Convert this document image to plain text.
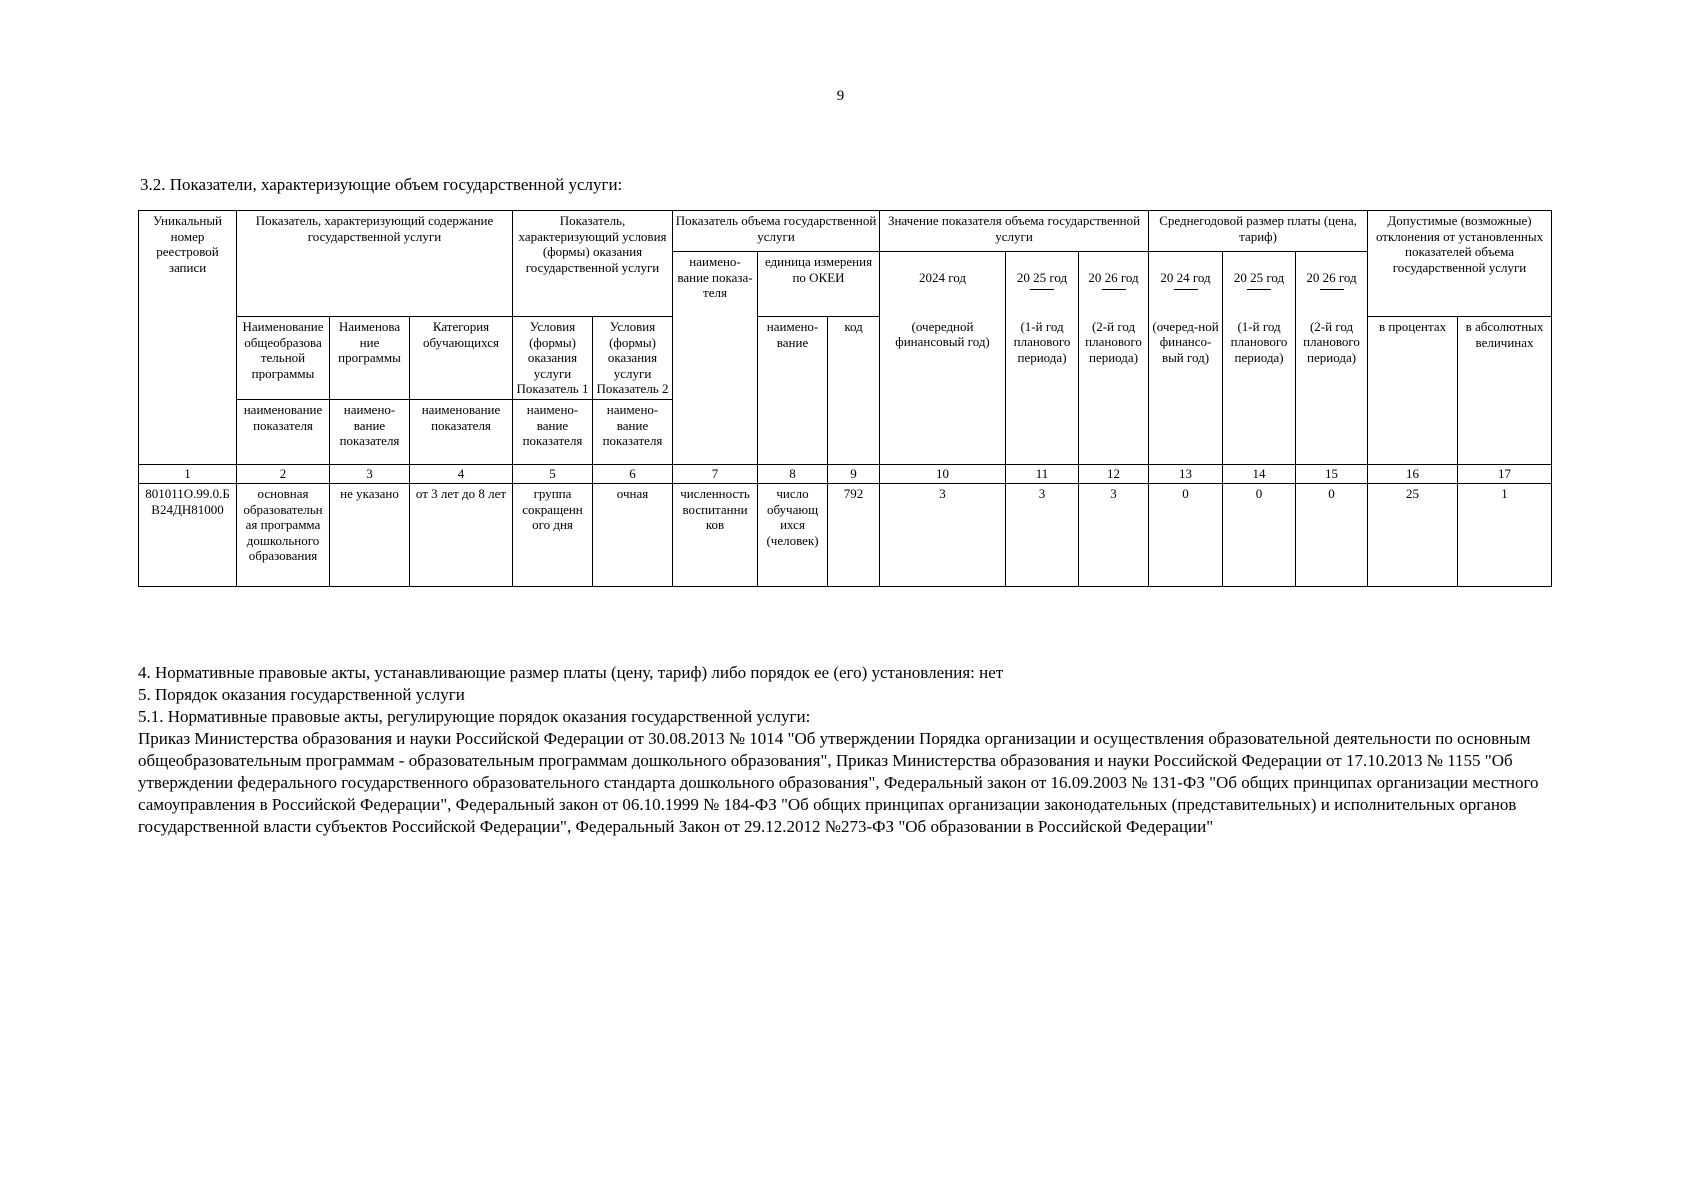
9
3.2. Показатели, характеризующие объем государственной услуги:
Уникальный номер реестровой записи	Показатель, характеризующий содержание государственной услуги			Показатель, характеризующий условия (формы) оказания государственной услуги		Показатель объема государственной услуги			Значение показателя объема государственной услуги			Среднегодовой размер платы (цена, тариф)			Допустимые (возможные) отклонения от установленных показателей объема государственной услуги	
						наимено-вание показа-теля	единица измерения по ОКЕИ		2024 год	20 25 год	20 26 год	20 24 год	20 25 год	20 26 год		

	Наименование общеобразова тельной программы	Наименова ние программы	Категория обучающихся	Условия (формы) оказания услуги Показатель 1	Условия (формы) оказания услуги Показатель 2		наимено-вание	код	(очередной финансовый год)	(1-й год планового периода)	(2-й год планового периода)	(очеред-ной финансо-вый год)	(1-й год планового периода)	(2-й год планового периода)	в процентах	в абсолютных величинах

	наименование показателя	наимено-вание показателя	наименование показателя	наимено-вание показателя	наимено-вание показателя											
1	2	3	4	5	6	7	8	9	10	11	12	13	14	15	16	17
801011О.99.0.Б В24ДН81000	основная образовательн ая программа дошкольного образования	не указано	от 3 лет до 8 лет	группа сокращенн ого дня	очная	численность воспитанни ков	число обучающ ихся (человек)	792	3	3	3	0	0	0	25	1

4. Нормативные правовые акты, устанавливающие размер платы (цену, тариф) либо порядок ее (его) установления: нет

5. Порядок оказания государственной услуги

5.1. Нормативные правовые акты, регулирующие порядок оказания государственной услуги:

Приказ Министерства образования и науки Российской Федерации от 30.08.2013 № 1014 "Об утверждении Порядка организации и осуществления образовательной деятельности по основным общеобразовательным программам - образовательным программам дошкольного образования", Приказ Министерства образования и науки Российской Федерации от 17.10.2013 № 1155 "Об утверждении федерального государственного образовательного стандарта дошкольного образования", Федеральный закон от 16.09.2003 № 131-ФЗ "Об общих принципах организации местного самоуправления в Российской Федерации", Федеральный закон от 06.10.1999 № 184-ФЗ "Об общих принципах организации законодательных (представительных) и исполнительных органов государственной власти субъектов Российской Федерации", Федеральный Закон от 29.12.2012 №273-ФЗ "Об образовании в Российской Федерации"
